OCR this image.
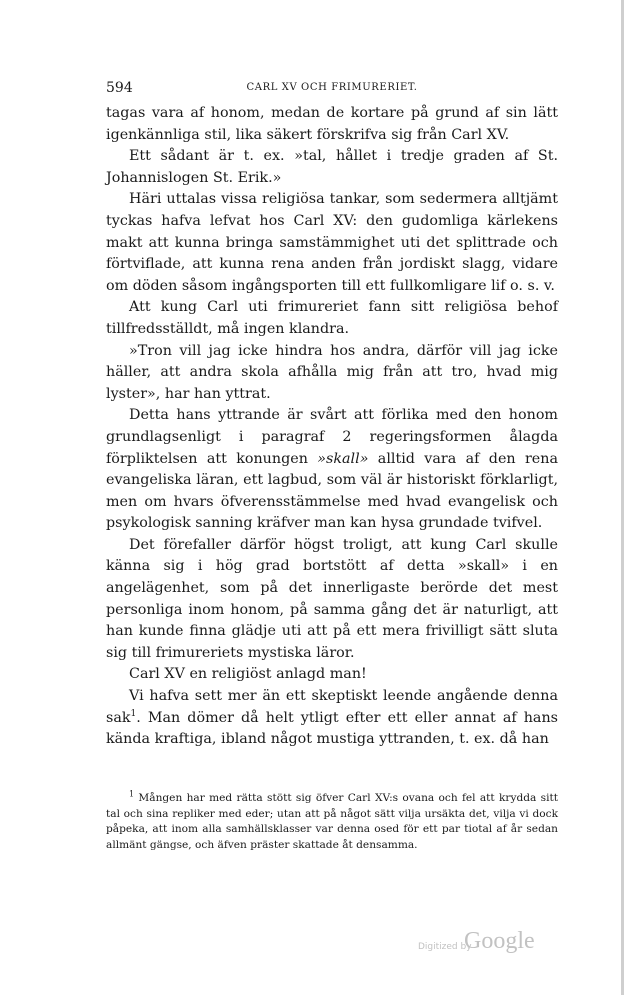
594	CARL XV OCH FRIMURERIET.

tagas vara af honom, medan de kortare på grund af sin lätt igenkännliga stil, lika säkert förskrifva sig från Carl XV.

Ett sådant är t. ex. »tal, hållet i tredje graden af St. Johannislogen St. Erik.»

Häri uttalas vissa religiösa tankar, som sedermera alltjämt tyckas hafva lefvat hos Carl XV: den gudomliga kärlekens makt att kunna bringa samstämmighet uti det splittrade och förtviflade, att kunna rena anden från jordiskt slagg, vidare om döden såsom ingångsporten till ett fullkomligare lif o. s. v.

Att kung Carl uti frimureriet fann sitt religiösa behof tillfredsställdt, må ingen klandra.

»Tron vill jag icke hindra hos andra, därför vill jag icke häller, att andra skola afhålla mig från att tro, hvad mig lyster», har han yttrat.

Detta hans yttrande är svårt att förlika med den honom grundlagsenligt i paragraf 2 regeringsformen ålagda förpliktelsen att konungen »skall» alltid vara af den rena evangeliska läran, ett lagbud, som väl är historiskt förklarligt, men om hvars öfverensstämmelse med hvad evangelisk och psykologisk sanning kräfver man kan hysa grundade tvifvel.

Det förefaller därför högst troligt, att kung Carl skulle känna sig i hög grad bortstött af detta »skall» i en angelägenhet, som på det innerligaste berörde det mest personliga inom honom, på samma gång det är naturligt, att han kunde finna glädje uti att på ett mera frivilligt sätt sluta sig till frimureriets mystiska läror.

Carl XV en religiöst anlagd man!

Vi hafva sett mer än ett skeptiskt leende angående denna sak$^1$. Man dömer då helt ytligt efter ett eller annat af hans kända kraftiga, ibland något mustiga yttranden, t. ex. då han

$^1$ Mången har med rätta stött sig öfver Carl XV:s ovana och fel att krydda sitt tal och sina repliker med eder; utan att på något sätt vilja ursäkta det, vilja vi dock påpeka, att inom alla samhällsklasser var denna osed för ett par tiotal af år sedan allmänt gängse, och äfven präster skattade åt densamma.

Digitized by
Google
